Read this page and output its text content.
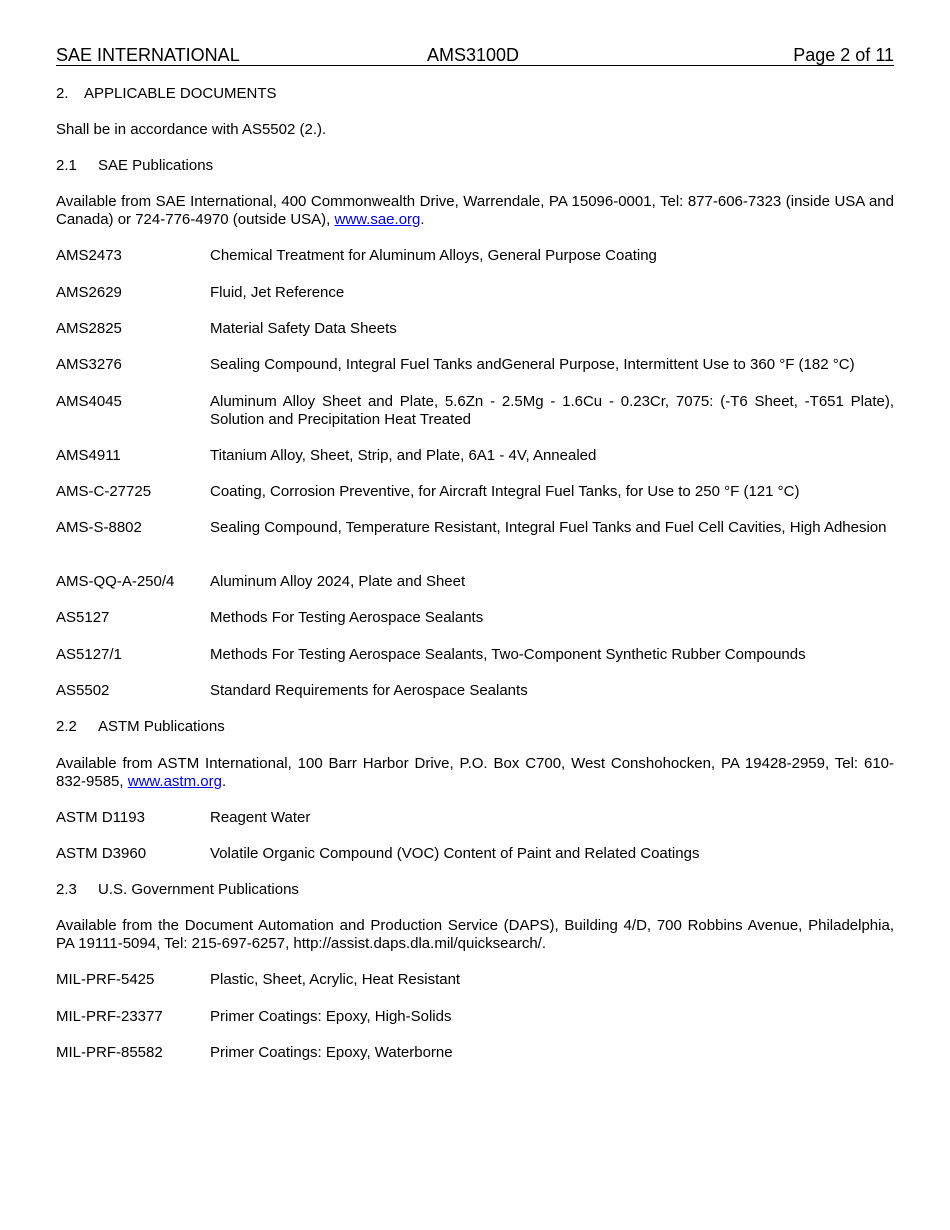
SAE INTERNATIONAL	AMS3100D	Page 2 of 11
2. APPLICABLE DOCUMENTS
Shall be in accordance with AS5502 (2.).
2.1 SAE Publications
Available from SAE International, 400 Commonwealth Drive, Warrendale, PA 15096-0001, Tel: 877-606-7323 (inside USA and Canada) or 724-776-4970 (outside USA), www.sae.org.
AMS2473	Chemical Treatment for Aluminum Alloys, General Purpose Coating
AMS2629	Fluid, Jet Reference
AMS2825	Material Safety Data Sheets
AMS3276	Sealing Compound, Integral Fuel Tanks andGeneral Purpose, Intermittent Use to 360 °F (182 °C)
AMS4045	Aluminum Alloy Sheet and Plate, 5.6Zn - 2.5Mg - 1.6Cu - 0.23Cr, 7075: (-T6 Sheet, -T651 Plate), Solution and Precipitation Heat Treated
AMS4911	Titanium Alloy, Sheet, Strip, and Plate, 6A1 - 4V, Annealed
AMS-C-27725	Coating, Corrosion Preventive, for Aircraft Integral Fuel Tanks, for Use to 250 °F (121 °C)
AMS-S-8802	Sealing Compound, Temperature Resistant, Integral Fuel Tanks and Fuel Cell Cavities, High Adhesion
AMS-QQ-A-250/4	Aluminum Alloy 2024, Plate and Sheet
AS5127	Methods For Testing Aerospace Sealants
AS5127/1	Methods For Testing Aerospace Sealants, Two-Component Synthetic Rubber Compounds
AS5502	Standard Requirements for Aerospace Sealants
2.2 ASTM Publications
Available from ASTM International, 100 Barr Harbor Drive, P.O. Box C700, West Conshohocken, PA 19428-2959, Tel: 610-832-9585, www.astm.org.
ASTM D1193	Reagent Water
ASTM D3960	Volatile Organic Compound (VOC) Content of Paint and Related Coatings
2.3 U.S. Government Publications
Available from the Document Automation and Production Service (DAPS), Building 4/D, 700 Robbins Avenue, Philadelphia, PA 19111-5094, Tel: 215-697-6257, http://assist.daps.dla.mil/quicksearch/.
MIL-PRF-5425	Plastic, Sheet, Acrylic, Heat Resistant
MIL-PRF-23377	Primer Coatings: Epoxy, High-Solids
MIL-PRF-85582	Primer Coatings: Epoxy, Waterborne
